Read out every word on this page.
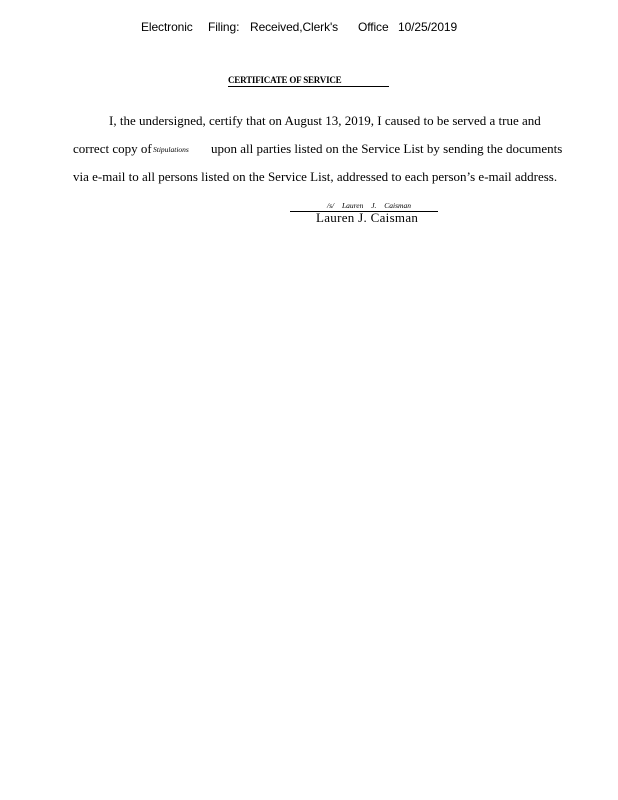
Electronic Filing: Received,Clerk's Office 10/25/2019
CERTIFICATE OF SERVICE
I, the undersigned, certify that on August 13, 2019, I caused to be served a true and
correct copy of Stipulations upon all parties listed on the Service List by sending the documents
via e-mail to all persons listed on the Service List, addressed to each person’s e-mail address.
/s/ Lauren J. Caisman
Lauren J. Caisman
